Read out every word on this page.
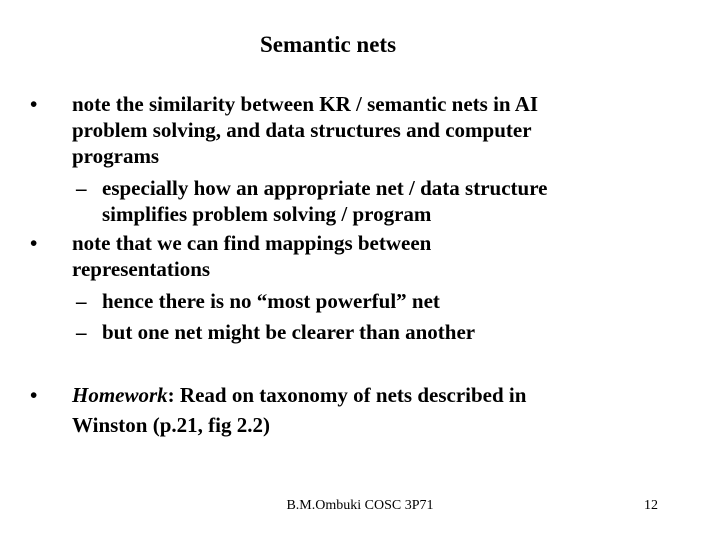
Semantic nets
• note the similarity between KR / semantic nets in AI
problem solving, and data structures and computer
programs
– especially how an appropriate net / data structure
simplifies problem solving / program
• note that we can find mappings between
representations
– hence there is no “most powerful” net
– but one net might be clearer than another
• Homework: Read on taxonomy of nets described in
Winston (p.21, fig 2.2)
B.M.Ombuki COSC 3P71	12
